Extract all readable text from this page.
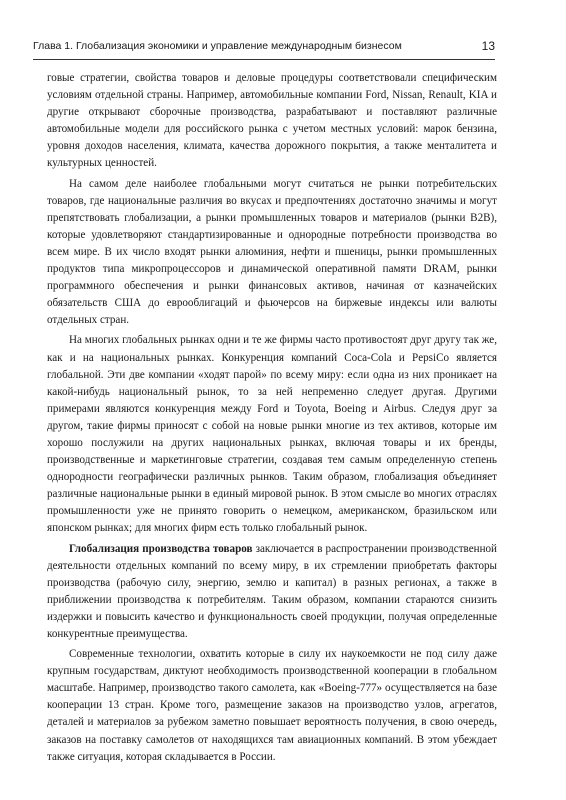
Глава 1. Глобализация экономики и управление международным бизнесом	13

говые стратегии, свойства товаров и деловые процедуры соответствовали специфическим условиям отдельной страны. Например, автомобильные компании Ford, Nissan, Renault, KIA и другие открывают сборочные производства, разрабатывают и поставляют различные автомобильные модели для российского рынка с учетом местных условий: марок бензина, уровня доходов населения, климата, качества дорожного покрытия, а также менталитета и культурных ценностей.

На самом деле наиболее глобальными могут считаться не рынки потребительских товаров, где национальные различия во вкусах и предпочтениях достаточно значимы и могут препятствовать глобализации, а рынки промышленных товаров и материалов (рынки B2B), которые удовлетворяют стандартизированные и однородные потребности производства во всем мире. В их число входят рынки алюминия, нефти и пшеницы, рынки промышленных продуктов типа микропроцессоров и динамической оперативной памяти DRAM, рынки программного обеспечения и рынки финансовых активов, начиная от казначейских обязательств США до еврооблигаций и фьючерсов на биржевые индексы или валюты отдельных стран.

На многих глобальных рынках одни и те же фирмы часто противостоят друг другу так же, как и на национальных рынках. Конкуренция компаний Coca-Cola и PepsiCo является глобальной. Эти две компании «ходят парой» по всему миру: если одна из них проникает на какой-нибудь национальный рынок, то за ней непременно следует другая. Другими примерами являются конкуренция между Ford и Toyota, Boeing и Airbus. Следуя друг за другом, такие фирмы приносят с собой на новые рынки многие из тех активов, которые им хорошо послужили на других национальных рынках, включая товары и их бренды, производственные и маркетинговые стратегии, создавая тем самым определенную степень однородности географически различных рынков. Таким образом, глобализация объединяет различные национальные рынки в единый мировой рынок. В этом смысле во многих отраслях промышленности уже не принято говорить о немецком, американском, бразильском или японском рынках; для многих фирм есть только глобальный рынок.

Глобализация производства товаров заключается в распространении производственной деятельности отдельных компаний по всему миру, в их стремлении приобретать факторы производства (рабочую силу, энергию, землю и капитал) в разных регионах, а также в приближении производства к потребителям. Таким образом, компании стараются снизить издержки и повысить качество и функциональность своей продукции, получая определенные конкурентные преимущества.

Современные технологии, охватить которые в силу их наукоемкости не под силу даже крупным государствам, диктуют необходимость производственной кооперации в глобальном масштабе. Например, производство такого самолета, как «Boeing-777» осуществляется на базе кооперации 13 стран. Кроме того, размещение заказов на производство узлов, агрегатов, деталей и материалов за рубежом заметно повышает вероятность получения, в свою очередь, заказов на поставку самолетов от находящихся там авиационных компаний. В этом убеждает также ситуация, которая складывается в России.
